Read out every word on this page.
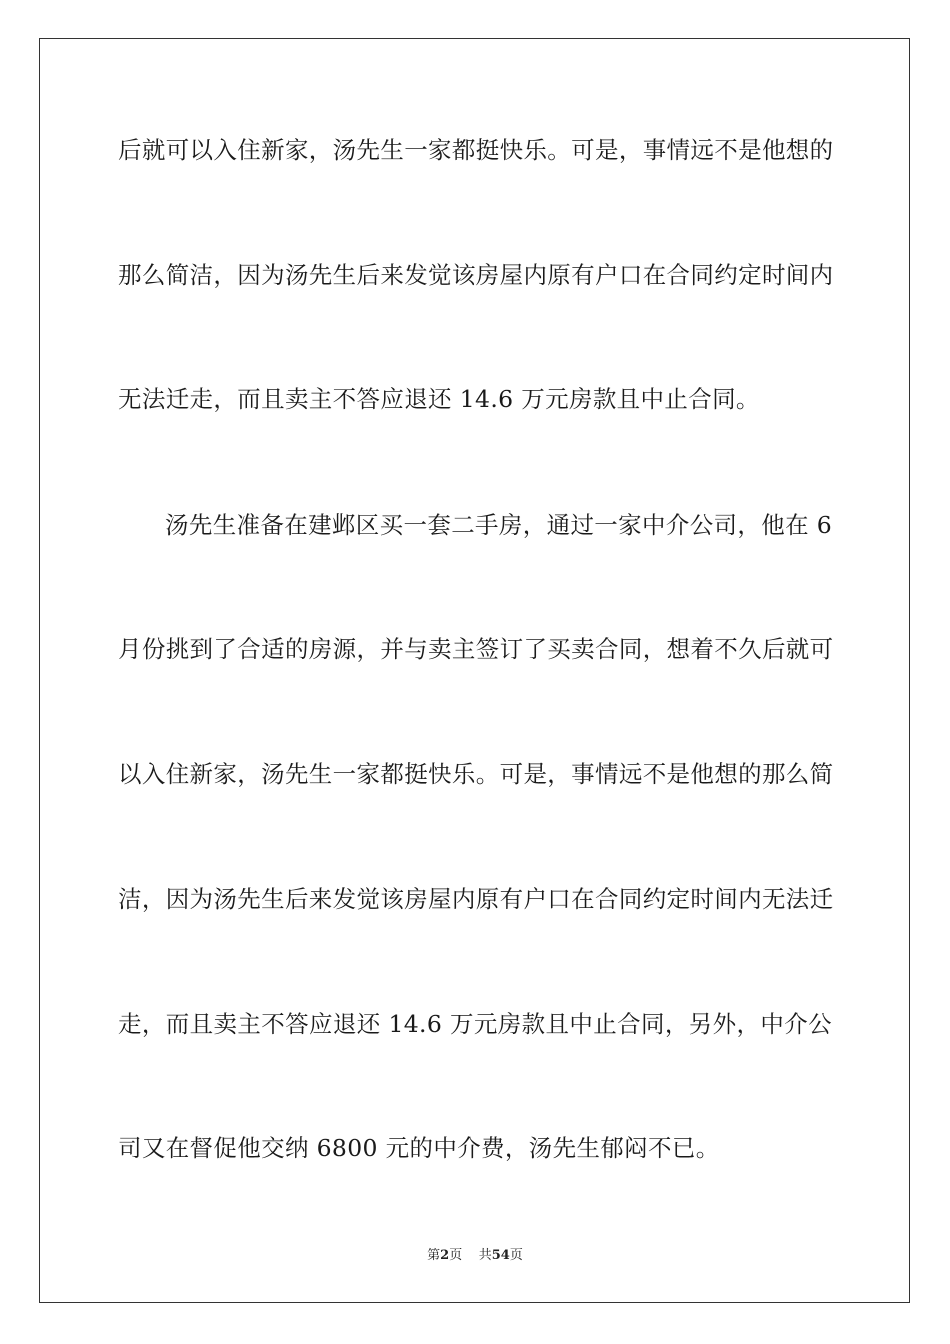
后就可以入住新家，汤先生一家都挺快乐。可是，事情远不是他想的
那么简洁，因为汤先生后来发觉该房屋内原有户口在合同约定时间内
无法迁走，而且卖主不答应退还 14.6 万元房款且中止合同。
汤先生准备在建邺区买一套二手房，通过一家中介公司，他在 6
月份挑到了合适的房源，并与卖主签订了买卖合同，想着不久后就可
以入住新家，汤先生一家都挺快乐。可是，事情远不是他想的那么简
洁，因为汤先生后来发觉该房屋内原有户口在合同约定时间内无法迁
走，而且卖主不答应退还 14.6 万元房款且中止合同，另外，中介公
司又在督促他交纳 6800 元的中介费，汤先生郁闷不已。
第2页 共54页
